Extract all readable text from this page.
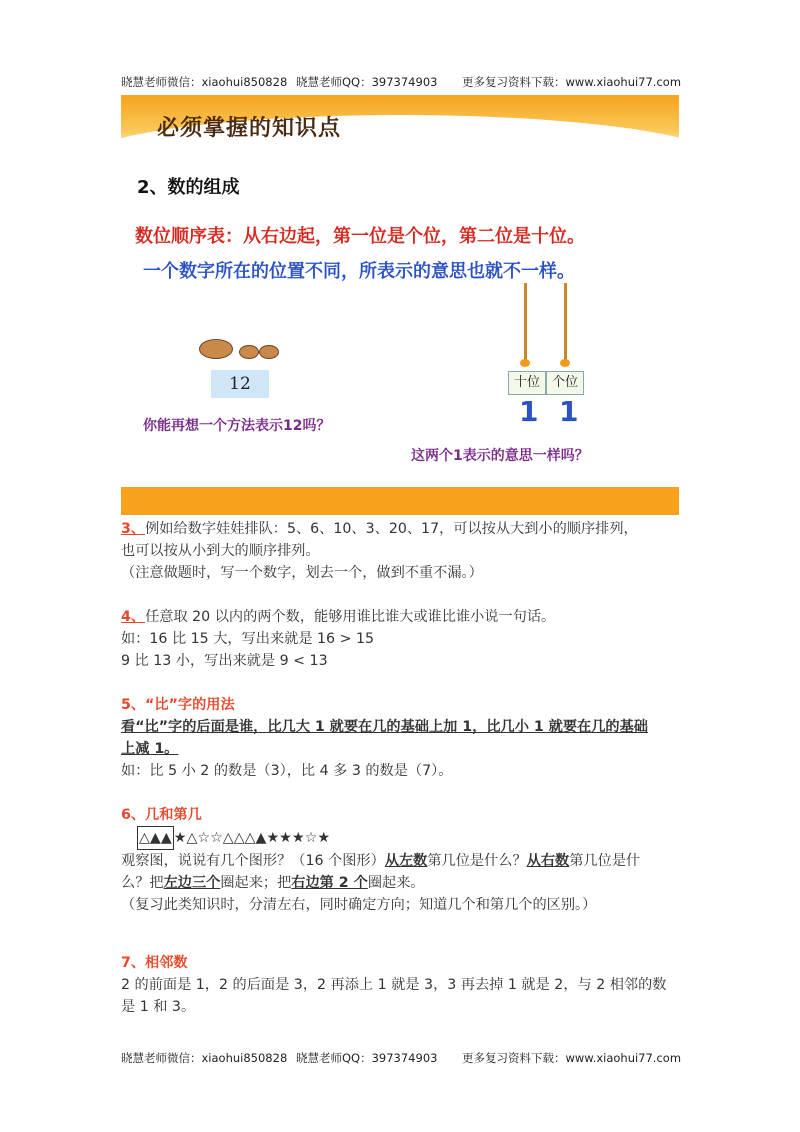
晓慧老师微信：xiaohui850828 晓慧老师QQ：397374903 更多复习资料下载：www.xiaohui77.com
必须掌握的知识点
2、数的组成
数位顺序表：从右边起，第一位是个位，第二位是十位。
一个数字所在的位置不同，所表示的意思也就不一样。
12
你能再想一个方法表示12吗？
十位 个位
1 1
这两个1表示的意思一样吗？

3、例如给数字娃娃排队：5、6、10、3、20、17，可以按从大到小的顺序排列，

也可以按从小到大的顺序排列。

（注意做题时，写一个数字，划去一个，做到不重不漏。）

4、任意取 20 以内的两个数，能够用谁比谁大或谁比谁小说一句话。

如：16 比 15 大，写出来就是 16 > 15

9 比 13 小，写出来就是 9 < 13

5、“比”字的用法

看“比”字的后面是谁，比几大 1 就要在几的基础上加 1，比几小 1 就要在几的基础

上减 1。

如：比 5 小 2 的数是（3），比 4 多 3 的数是（7）。

6、几和第几

△▲▲ ★△☆☆△△△▲★★★☆★

观察图，说说有几个图形？（16 个图形）从左数第几位是什么？从右数第几位是什

么？把左边三个圈起来；把右边第 2 个圈起来。

（复习此类知识时，分清左右，同时确定方向；知道几个和第几个的区别。）

7、相邻数

2 的前面是 1，2 的后面是 3，2 再添上 1 就是 3，3 再去掉 1 就是 2，与 2 相邻的数

是 1 和 3。

晓慧老师微信：xiaohui850828 晓慧老师QQ：397374903 更多复习资料下载：www.xiaohui77.com
